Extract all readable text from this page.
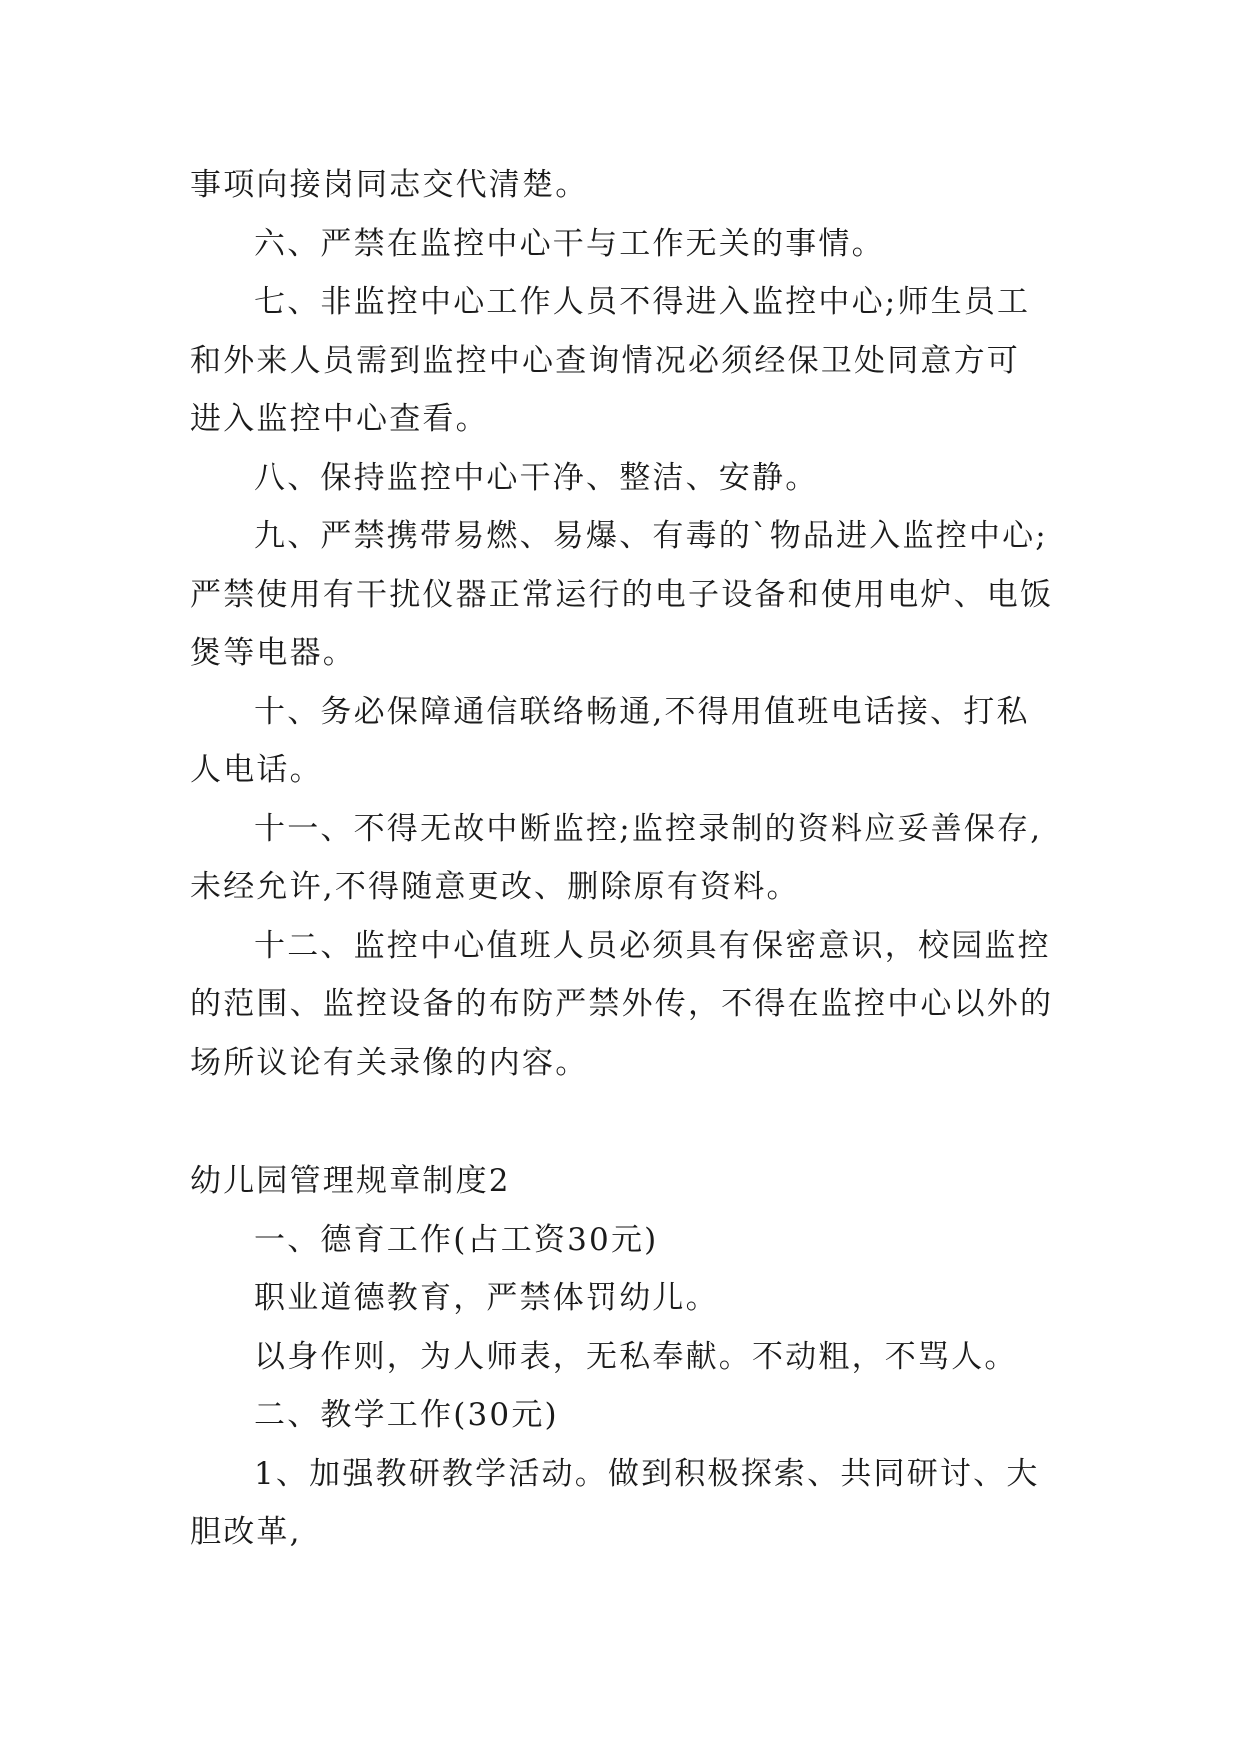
事项向接岗同志交代清楚。
六、严禁在监控中心干与工作无关的事情。
七、非监控中心工作人员不得进入监控中心;师生员工
和外来人员需到监控中心查询情况必须经保卫处同意方可
进入监控中心查看。
八、保持监控中心干净、整洁、安静。
九、严禁携带易燃、易爆、有毒的`物品进入监控中心;
严禁使用有干扰仪器正常运行的电子设备和使用电炉、电饭
煲等电器。
十、务必保障通信联络畅通,不得用值班电话接、打私
人电话。
十一、不得无故中断监控;监控录制的资料应妥善保存,
未经允许,不得随意更改、删除原有资料。
十二、监控中心值班人员必须具有保密意识，校园监控
的范围、监控设备的布防严禁外传，不得在监控中心以外的
场所议论有关录像的内容。
幼儿园管理规章制度2
一、德育工作(占工资30元)
职业道德教育，严禁体罚幼儿。
以身作则，为人师表，无私奉献。不动粗，不骂人。
二、教学工作(30元)
1、加强教研教学活动。做到积极探索、共同研讨、大
胆改革,
